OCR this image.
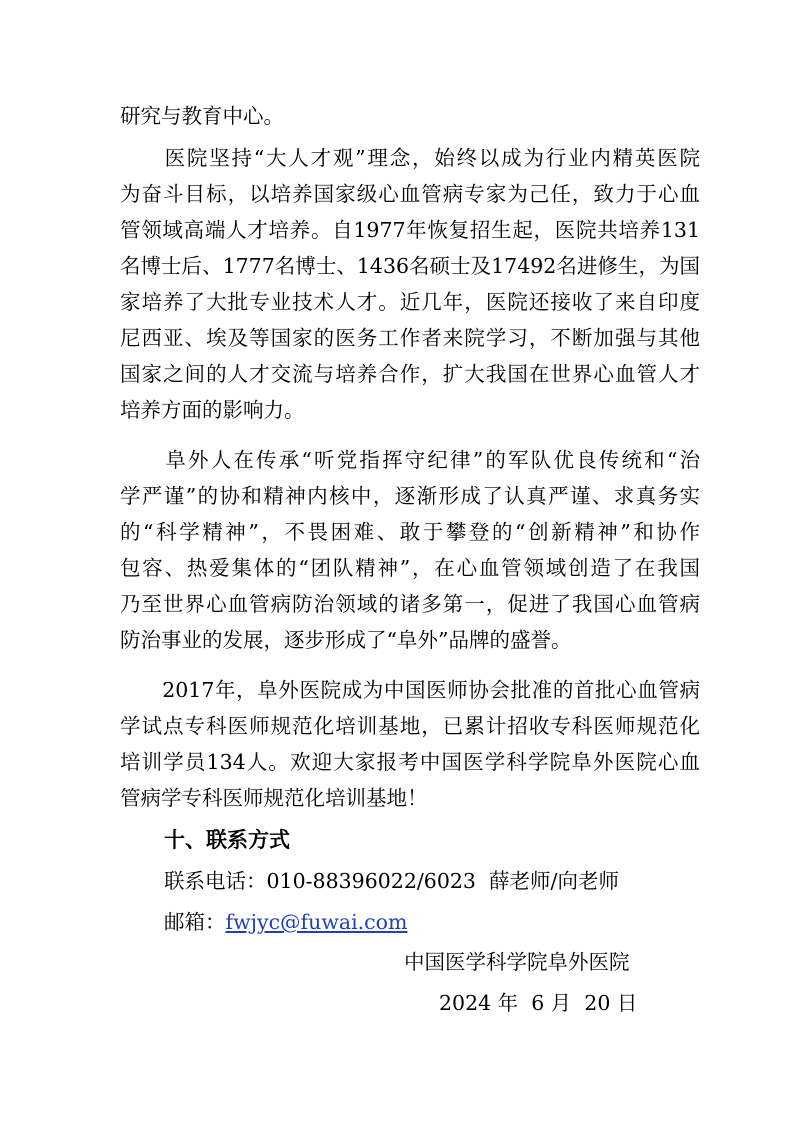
研究与教育中心。
　　医院坚持“大人才观”理念，始终以成为行业内精英医院
为奋斗目标，以培养国家级心血管病专家为己任，致力于心血
管领域高端人才培养。自1977年恢复招生起，医院共培养131
名博士后、1777名博士、1436名硕士及17492名进修生，为国
家培养了大批专业技术人才。近几年，医院还接收了来自印度
尼西亚、埃及等国家的医务工作者来院学习，不断加强与其他
国家之间的人才交流与培养合作，扩大我国在世界心血管人才
培养方面的影响力。
　　阜外人在传承“听党指挥守纪律”的军队优良传统和“治
学严谨”的协和精神内核中，逐渐形成了认真严谨、求真务实
的“科学精神”，不畏困难、敢于攀登的“创新精神”和协作
包容、热爱集体的“团队精神”，在心血管领域创造了在我国
乃至世界心血管病防治领域的诸多第一，促进了我国心血管病
防治事业的发展，逐步形成了“阜外”品牌的盛誉。
　　2017年，阜外医院成为中国医师协会批准的首批心血管病
学试点专科医师规范化培训基地，已累计招收专科医师规范化
培训学员134人。欢迎大家报考中国医学科学院阜外医院心血
管病学专科医师规范化培训基地！
十、联系方式
联系电话：010-88396022/6023 薛老师/向老师
邮箱：fwjyc@fuwai.com
中国医学科学院阜外医院
2024 年  6 月  20 日
